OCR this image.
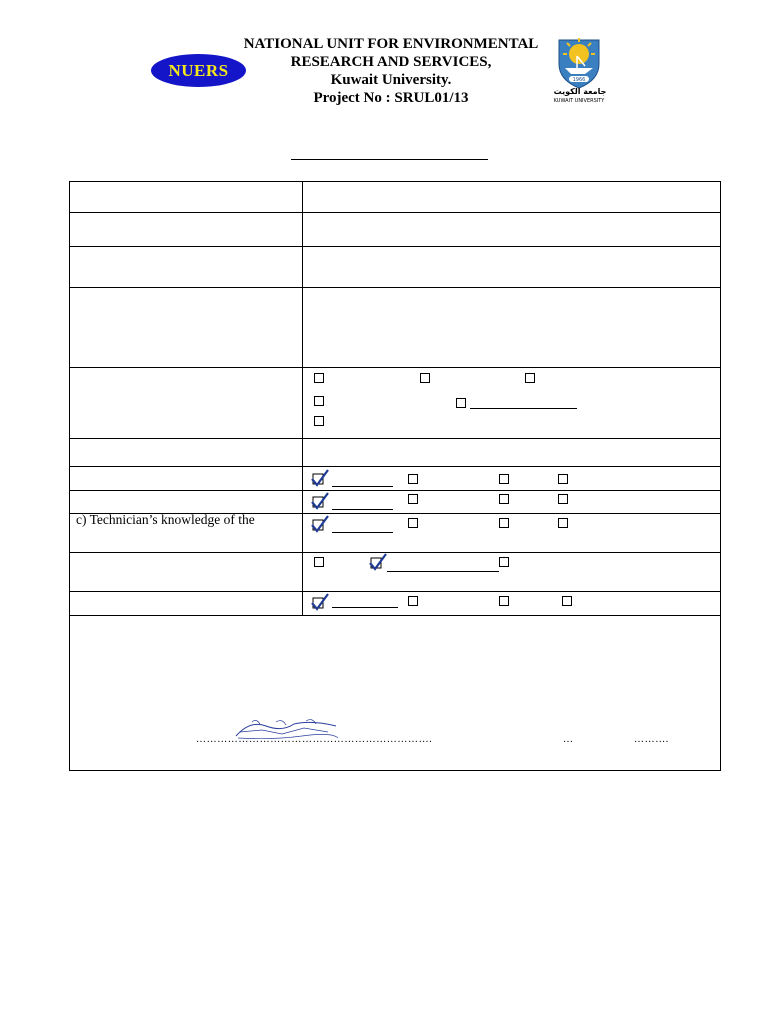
NUERS
NATIONAL UNIT FOR ENVIRONMENTAL
RESEARCH AND SERVICES,
Kuwait University.
Project No : SRUL01/13
1966
جامعة الكويت
KUWAIT UNIVERSITY
c) Technician’s knowledge of the
………………………………………………………….	…	……….
